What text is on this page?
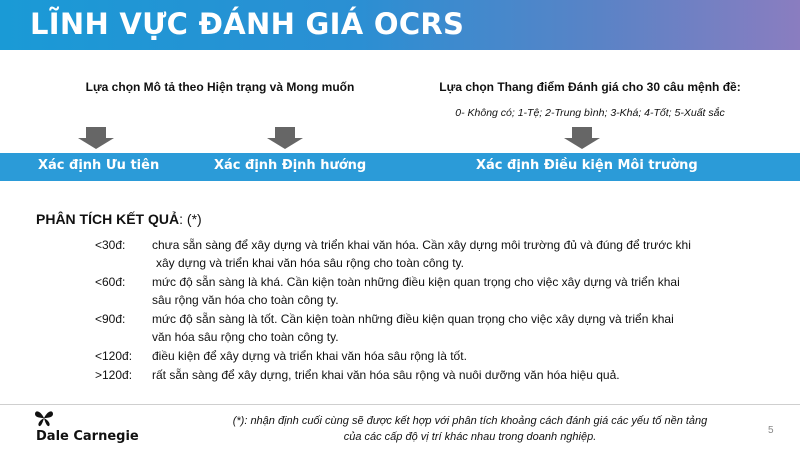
LĨNH VỰC ĐÁNH GIÁ OCRS
Lựa chọn Mô tả theo Hiện trạng và Mong muốn	Lựa chọn Thang điểm Đánh giá cho 30 câu mệnh đề:
0- Không có; 1-Tệ; 2-Trung bình; 3-Khá; 4-Tốt; 5-Xuất sắc
Xác định Ưu tiên	Xác định Định hướng	Xác định Điều kiện Môi trường
PHÂN TÍCH KẾT QUẢ: (*)
<30đ:	chưa sẵn sàng để xây dựng và triển khai văn hóa. Cần xây dựng môi trường đủ và đúng để trước khi
xây dựng và triển khai văn hóa sâu rộng cho toàn công ty.
<60đ:	mức độ sẵn sàng là khá. Cần kiện toàn những điều kiện quan trọng cho việc xây dựng và triển khai
sâu rộng văn hóa cho toàn công ty.
<90đ:	mức độ sẵn sàng là tốt. Cần kiện toàn những điều kiện quan trọng cho việc xây dựng và triển khai
văn hóa sâu rộng cho toàn công ty.
<120đ:	điều kiện để xây dựng và triển khai văn hóa sâu rộng là tốt.
>120đ:	rất sẵn sàng để xây dựng, triển khai văn hóa sâu rộng và nuôi dưỡng văn hóa hiệu quả.
Dale Carnegie
(*): nhận định cuối cùng sẽ được kết hợp với phân tích khoảng cách đánh giá các yếu tố nền tảng
của các cấp độ vị trí khác nhau trong doanh nghiệp.
5
